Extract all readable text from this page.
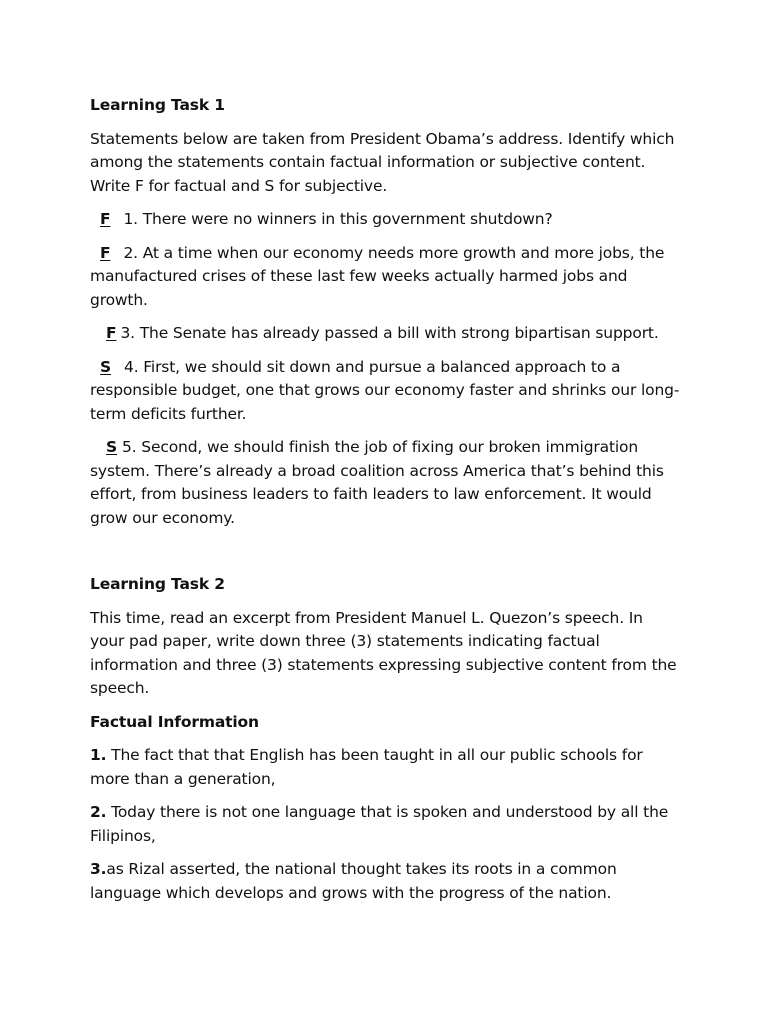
Learning Task 1

Statements below are taken from President Obama’s address. Identify which among the statements contain factual information or subjective content. Write F for factual and S for subjective.

F 1. There were no winners in this government shutdown?

F 2. At a time when our economy needs more growth and more jobs, the manufactured crises of these last few weeks actually harmed jobs and growth.

F 3. The Senate has already passed a bill with strong bipartisan support.

S 4. First, we should sit down and pursue a balanced approach to a responsible budget, one that grows our economy faster and shrinks our long-term deficits further.

S 5. Second, we should finish the job of fixing our broken immigration system. There’s already a broad coalition across America that’s behind this effort, from business leaders to faith leaders to law enforcement. It would grow our economy.

Learning Task 2

This time, read an excerpt from President Manuel L. Quezon’s speech. In your pad paper, write down three (3) statements indicating factual information and three (3) statements expressing subjective content from the speech.

Factual Information

1. The fact that that English has been taught in all our public schools for more than a generation,

2. Today there is not one language that is spoken and understood by all the Filipinos,

3.as Rizal asserted, the national thought takes its roots in a common language which develops and grows with the progress of the nation.
